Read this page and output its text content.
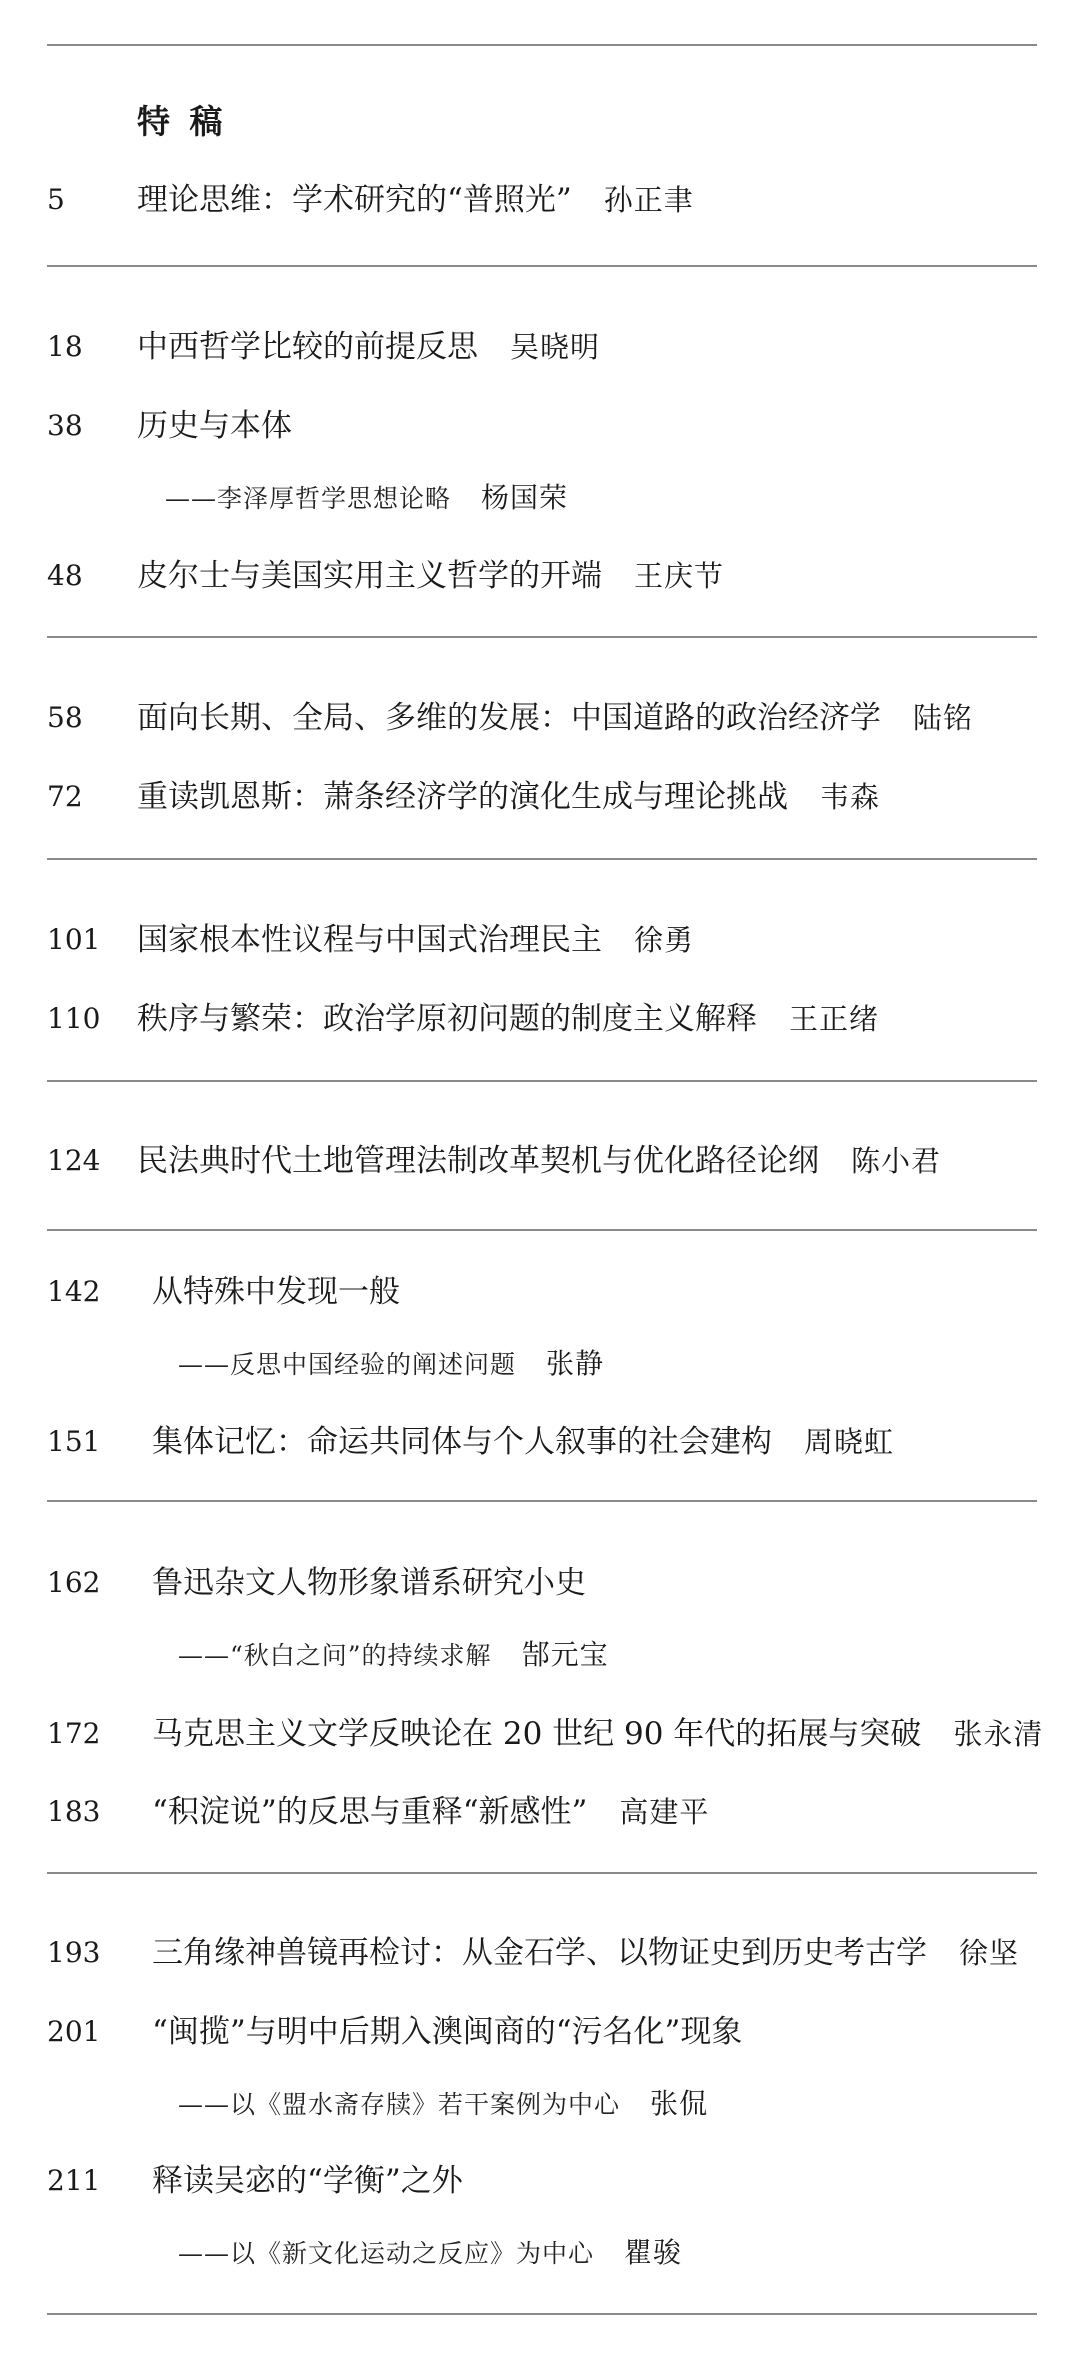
特 稿
5 理论思维：学术研究的“普照光” 孙正聿
18 中西哲学比较的前提反思 吴晓明
38 历史与本体
——李泽厚哲学思想论略 杨国荣
48 皮尔士与美国实用主义哲学的开端 王庆节
58 面向长期、全局、多维的发展：中国道路的政治经济学 陆铭
72 重读凯恩斯：萧条经济学的演化生成与理论挑战 韦森
101 国家根本性议程与中国式治理民主 徐勇
110 秩序与繁荣：政治学原初问题的制度主义解释 王正绪
124 民法典时代土地管理法制改革契机与优化路径论纲 陈小君
142 从特殊中发现一般
——反思中国经验的阐述问题 张静
151 集体记忆：命运共同体与个人叙事的社会建构 周晓虹
162 鲁迅杂文人物形象谱系研究小史
——“秋白之问”的持续求解 郜元宝
172 马克思主义文学反映论在 20 世纪 90 年代的拓展与突破 张永清
183 “积淀说”的反思与重释“新感性” 高建平
193 三角缘神兽镜再检讨：从金石学、以物证史到历史考古学 徐坚
201 “闽揽”与明中后期入澳闽商的“污名化”现象
——以《盟水斋存牍》若干案例为中心 张侃
211 释读吴宓的“学衡”之外
——以《新文化运动之反应》为中心 瞿骏
